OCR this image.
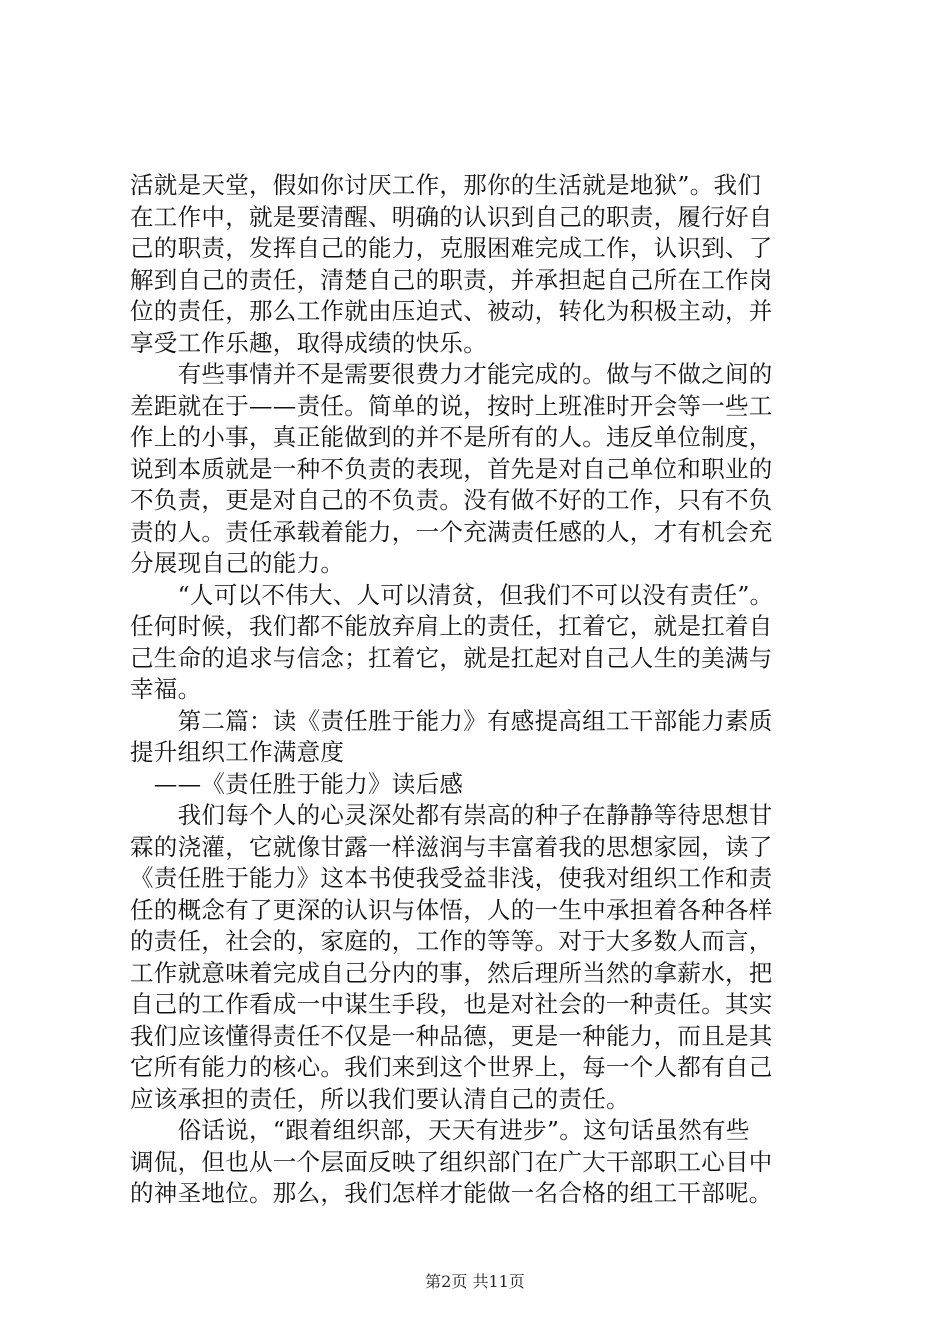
活就是天堂，假如你讨厌工作，那你的生活就是地狱”。我们
在工作中，就是要清醒、明确的认识到自己的职责，履行好自
己的职责，发挥自己的能力，克服困难完成工作，认识到、了
解到自己的责任，清楚自己的职责，并承担起自己所在工作岗
位的责任，那么工作就由压迫式、被动，转化为积极主动，并
享受工作乐趣，取得成绩的快乐。
　　有些事情并不是需要很费力才能完成的。做与不做之间的
差距就在于——责任。简单的说，按时上班准时开会等一些工
作上的小事，真正能做到的并不是所有的人。违反单位制度，
说到本质就是一种不负责的表现，首先是对自己单位和职业的
不负责，更是对自己的不负责。没有做不好的工作，只有不负
责的人。责任承载着能力，一个充满责任感的人，才有机会充
分展现自己的能力。
　　“人可以不伟大、人可以清贫，但我们不可以没有责任”。
任何时候，我们都不能放弃肩上的责任，扛着它，就是扛着自
己生命的追求与信念；扛着它，就是扛起对自己人生的美满与
幸福。
　　第二篇：读《责任胜于能力》有感提高组工干部能力素质
提升组织工作满意度
　——《责任胜于能力》读后感
　　我们每个人的心灵深处都有崇高的种子在静静等待思想甘
霖的浇灌，它就像甘露一样滋润与丰富着我的思想家园，读了
《责任胜于能力》这本书使我受益非浅，使我对组织工作和责
任的概念有了更深的认识与体悟，人的一生中承担着各种各样
的责任，社会的，家庭的，工作的等等。对于大多数人而言，
工作就意味着完成自己分内的事，然后理所当然的拿薪水，把
自己的工作看成一中谋生手段，也是对社会的一种责任。其实
我们应该懂得责任不仅是一种品德，更是一种能力，而且是其
它所有能力的核心。我们来到这个世界上，每一个人都有自己
应该承担的责任，所以我们要认清自己的责任。
　　俗话说，“跟着组织部，天天有进步”。这句话虽然有些
调侃，但也从一个层面反映了组织部门在广大干部职工心目中
的神圣地位。那么，我们怎样才能做一名合格的组工干部呢。
第2页 共11页
